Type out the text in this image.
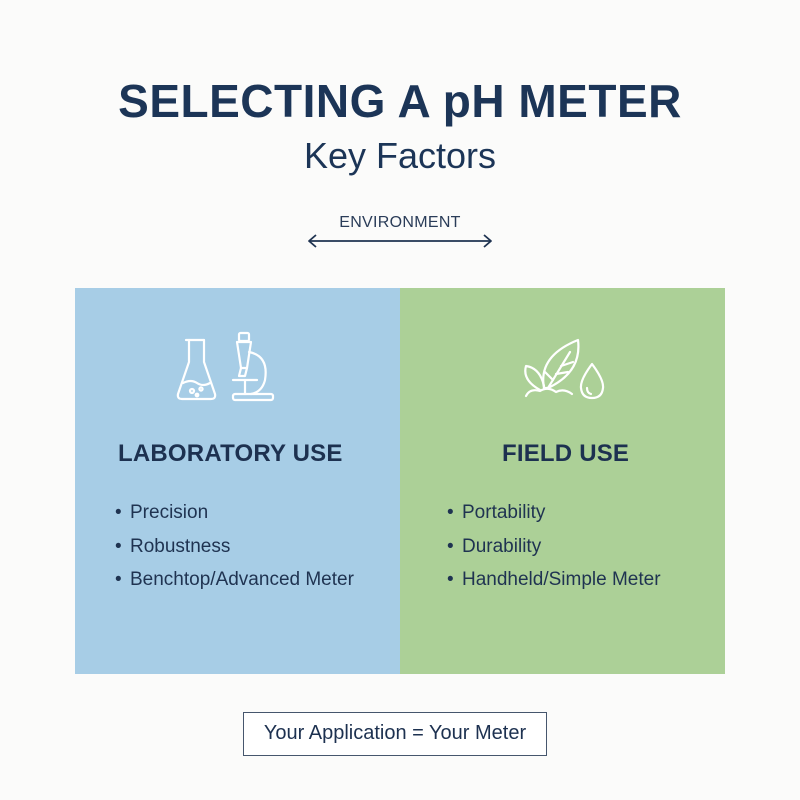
SELECTING A pH METER
Key Factors
ENVIRONMENT
LABORATORY USE
• Precision
• Robustness
• Benchtop/Advanced Meter
FIELD USE
• Portability
• Durability
• Handheld/Simple Meter
Your Application = Your Meter
